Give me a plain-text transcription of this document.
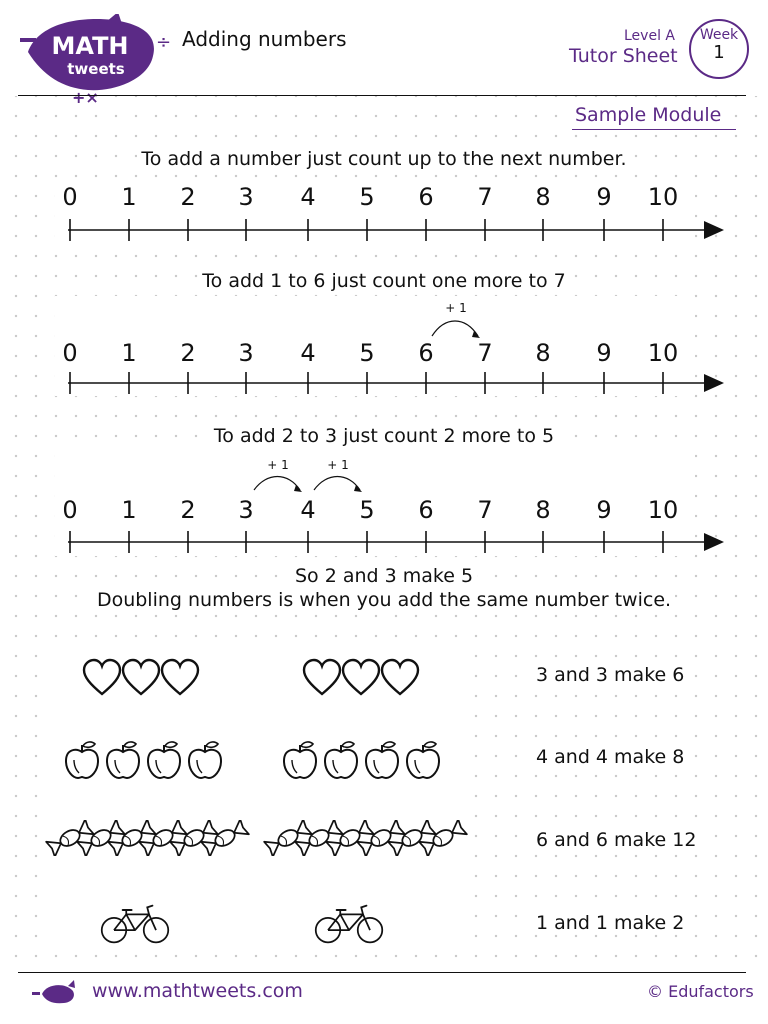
MATH
tweets
÷
+×
Adding numbers	Level A
Tutor Sheet
Week
1
Sample Module
To add a number just count up to the next number.
To add 1 to 6 just count one more to 7
To add 2 to 3 just count 2 more to 5
So 2 and 3 make 5
Doubling numbers is when you add the same number twice.
0 1 2 3 4 5 6 7 8 9 10
0 1 2 3 4 5 6 7 8 9 10
+ 1
0 1 2 3 4 5 6 7 8 9 10
+ 1	+ 1
3 and 3 make 6
4 and 4 make 8
6 and 6 make 12
1 and 1 make 2
www.mathtweets.com	© Edufactors
